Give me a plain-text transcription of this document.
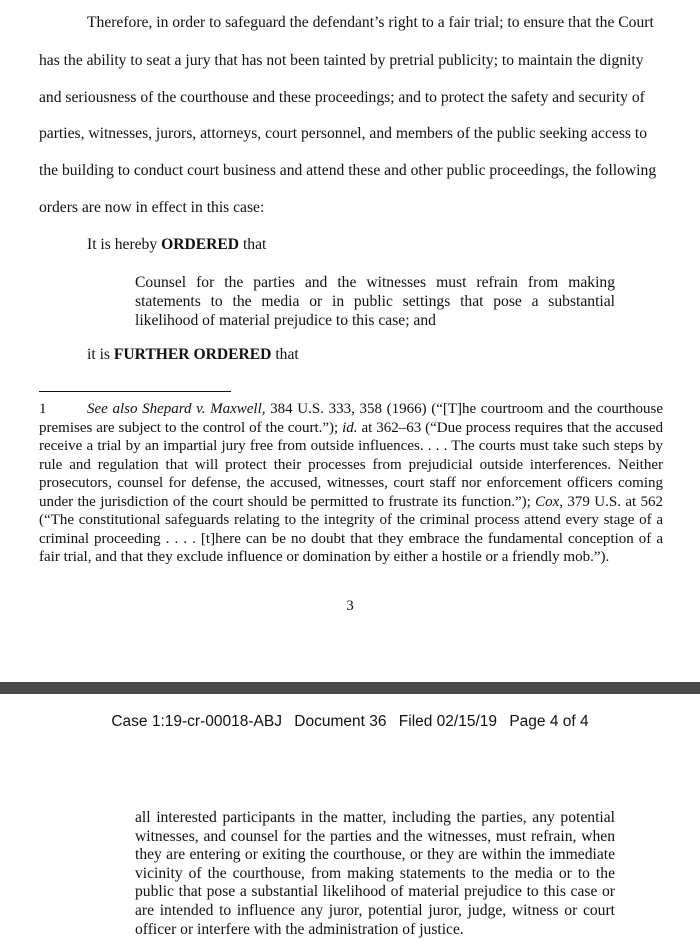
Therefore, in order to safeguard the defendant’s right to a fair trial; to ensure that the Court

has the ability to seat a jury that has not been tainted by pretrial publicity; to maintain the dignity

and seriousness of the courthouse and these proceedings; and to protect the safety and security of

parties, witnesses, jurors, attorneys, court personnel, and members of the public seeking access to

the building to conduct court business and attend these and other public proceedings, the following

orders are now in effect in this case:

It is hereby ORDERED that

Counsel for the parties and the witnesses must refrain from making statements to the media or in public settings that pose a substantial likelihood of material prejudice to this case; and

it is FURTHER ORDERED that

1	See also Shepard v. Maxwell, 384 U.S. 333, 358 (1966) (“[T]he courtroom and the courthouse premises are subject to the control of the court.”); id. at 362–63 (“Due process requires that the accused receive a trial by an impartial jury free from outside influences. . . . The courts must take such steps by rule and regulation that will protect their processes from prejudicial outside interferences. Neither prosecutors, counsel for defense, the accused, witnesses, court staff nor enforcement officers coming under the jurisdiction of the court should be permitted to frustrate its function.”); Cox, 379 U.S. at 562 (“The constitutional safeguards relating to the integrity of the criminal process attend every stage of a criminal proceeding . . . . [t]here can be no doubt that they embrace the fundamental conception of a fair trial, and that they exclude influence or domination by either a hostile or a friendly mob.”).

3
Case 1:19-cr-00018-ABJ Document 36 Filed 02/15/19 Page 4 of 4

all interested participants in the matter, including the parties, any potential witnesses, and counsel for the parties and the witnesses, must refrain, when they are entering or exiting the courthouse, or they are within the immediate vicinity of the courthouse, from making statements to the media or to the public that pose a substantial likelihood of material prejudice to this case or are intended to influence any juror, potential juror, judge, witness or court officer or interfere with the administration of justice.
